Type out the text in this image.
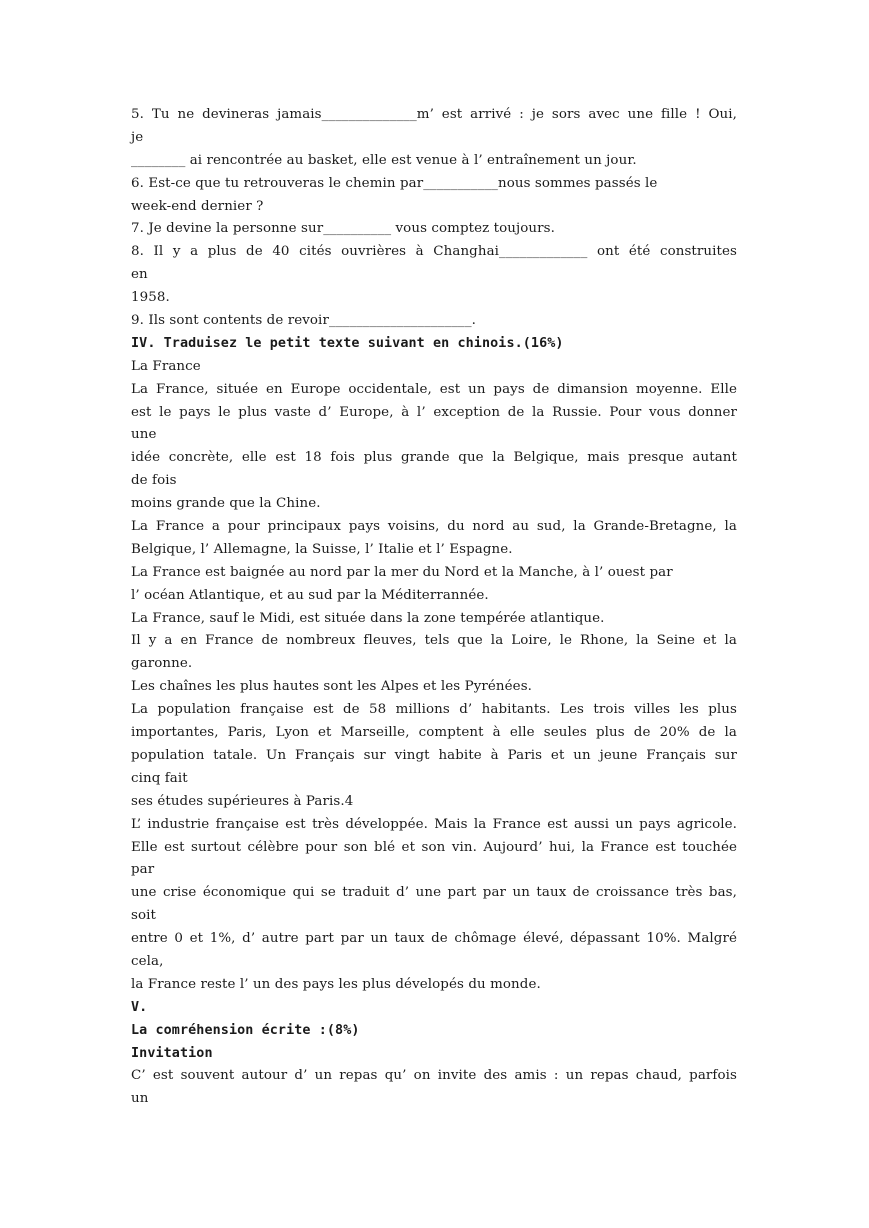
5. Tu ne devineras jamais______________m’ est arrivé : je sors avec une fille ! Oui,
je
________ ai rencontrée au basket, elle est venue à l’ entraînement un jour.
6. Est-ce que tu retrouveras le chemin par___________nous sommes passés le
week-end dernier ?
7. Je devine la personne sur__________ vous comptez toujours.
8. Il y a plus de 40 cités ouvrières à Changhai_____________ ont été construites
en
1958.
9. Ils sont contents de revoir_____________________.
IV. Traduisez le petit texte suivant en chinois.(16%)
La France
La France, située en Europe occidentale, est un pays de dimansion moyenne. Elle
est le pays le plus vaste d’ Europe, à l’ exception de la Russie. Pour vous donner
une
idée concrète, elle est 18 fois plus grande que la Belgique, mais presque autant
de fois
moins grande que la Chine.
La France a pour principaux pays voisins, du nord au sud, la Grande-Bretagne, la
Belgique, l’ Allemagne, la Suisse, l’ Italie et l’ Espagne.
La France est baignée au nord par la mer du Nord et la Manche, à l’ ouest par
l’ océan Atlantique, et au sud par la Méditerrannée.
La France, sauf le Midi, est située dans la zone tempérée atlantique.
Il y a en France de nombreux fleuves, tels que la Loire, le Rhone, la Seine et la
garonne.
Les chaînes les plus hautes sont les Alpes et les Pyrénées.
La population française est de 58 millions d’ habitants. Les trois villes les plus
importantes, Paris, Lyon et Marseille, comptent à elle seules plus de 20% de la
population tatale. Un Français sur vingt habite à Paris et un jeune Français sur
cinq fait
ses études supérieures à Paris.4
L’ industrie française est très développée. Mais la France est aussi un pays agricole.
Elle est surtout célèbre pour son blé et son vin. Aujourd’ hui, la France est touchée
par
une crise économique qui se traduit d’ une part par un taux de croissance très bas,
soit
entre 0 et 1%, d’ autre part par un taux de chômage élevé, dépassant 10%. Malgré
cela,
la France reste l’ un des pays les plus dévelopés du monde.
V.
La comréhension écrite :(8%)
Invitation
C’ est souvent autour d’ un repas qu’ on invite des amis : un repas chaud, parfois
un
